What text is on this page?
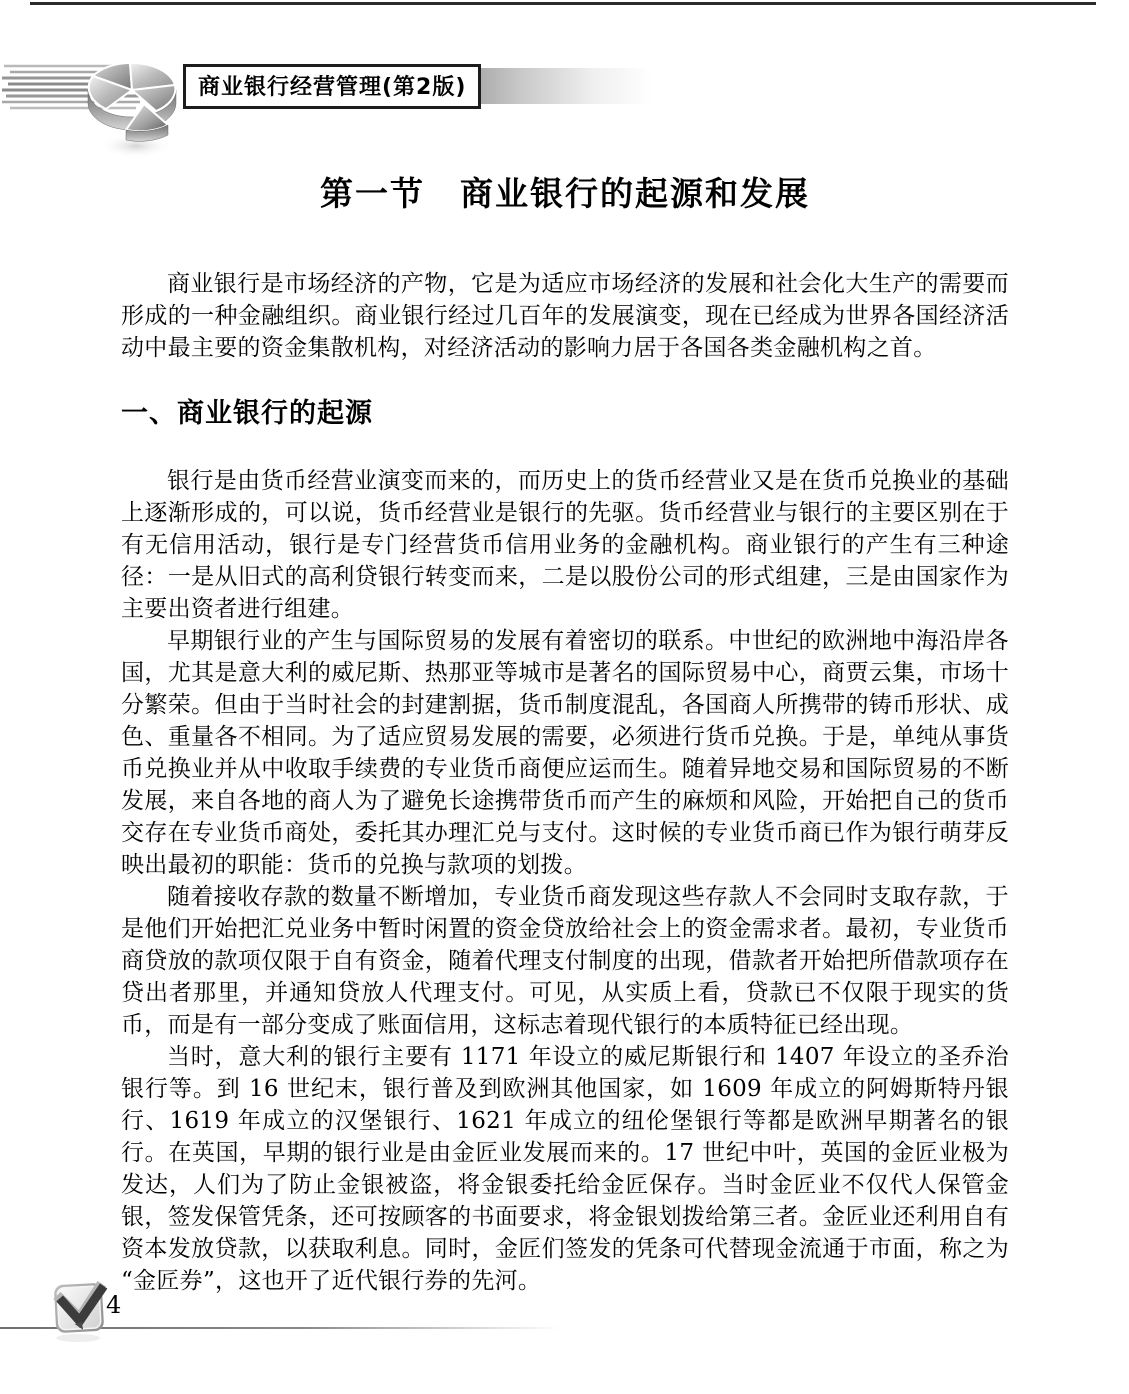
商业银行经营管理(第2版)
第一节　商业银行的起源和发展

商业银行是市场经济的产物，它是为适应市场经济的发展和社会化大生产的需要而形成的一种金融组织。商业银行经过几百年的发展演变，现在已经成为世界各国经济活动中最主要的资金集散机构，对经济活动的影响力居于各国各类金融机构之首。

一、商业银行的起源

银行是由货币经营业演变而来的，而历史上的货币经营业又是在货币兑换业的基础上逐渐形成的，可以说，货币经营业是银行的先驱。货币经营业与银行的主要区别在于有无信用活动，银行是专门经营货币信用业务的金融机构。商业银行的产生有三种途径：一是从旧式的高利贷银行转变而来，二是以股份公司的形式组建，三是由国家作为主要出资者进行组建。

早期银行业的产生与国际贸易的发展有着密切的联系。中世纪的欧洲地中海沿岸各国，尤其是意大利的威尼斯、热那亚等城市是著名的国际贸易中心，商贾云集，市场十分繁荣。但由于当时社会的封建割据，货币制度混乱，各国商人所携带的铸币形状、成色、重量各不相同。为了适应贸易发展的需要，必须进行货币兑换。于是，单纯从事货币兑换业并从中收取手续费的专业货币商便应运而生。随着异地交易和国际贸易的不断发展，来自各地的商人为了避免长途携带货币而产生的麻烦和风险，开始把自己的货币交存在专业货币商处，委托其办理汇兑与支付。这时候的专业货币商已作为银行萌芽反映出最初的职能：货币的兑换与款项的划拨。

随着接收存款的数量不断增加，专业货币商发现这些存款人不会同时支取存款，于是他们开始把汇兑业务中暂时闲置的资金贷放给社会上的资金需求者。最初，专业货币商贷放的款项仅限于自有资金，随着代理支付制度的出现，借款者开始把所借款项存在贷出者那里，并通知贷放人代理支付。可见，从实质上看，贷款已不仅限于现实的货币，而是有一部分变成了账面信用，这标志着现代银行的本质特征已经出现。

当时，意大利的银行主要有 1171 年设立的威尼斯银行和 1407 年设立的圣乔治银行等。到 16 世纪末，银行普及到欧洲其他国家，如 1609 年成立的阿姆斯特丹银行、1619 年成立的汉堡银行、1621 年成立的纽伦堡银行等都是欧洲早期著名的银行。在英国，早期的银行业是由金匠业发展而来的。17 世纪中叶，英国的金匠业极为发达，人们为了防止金银被盗，将金银委托给金匠保存。当时金匠业不仅代人保管金银，签发保管凭条，还可按顾客的书面要求，将金银划拨给第三者。金匠业还利用自有资本发放贷款，以获取利息。同时，金匠们签发的凭条可代替现金流通于市面，称之为“金匠券”，这也开了近代银行券的先河。

4
